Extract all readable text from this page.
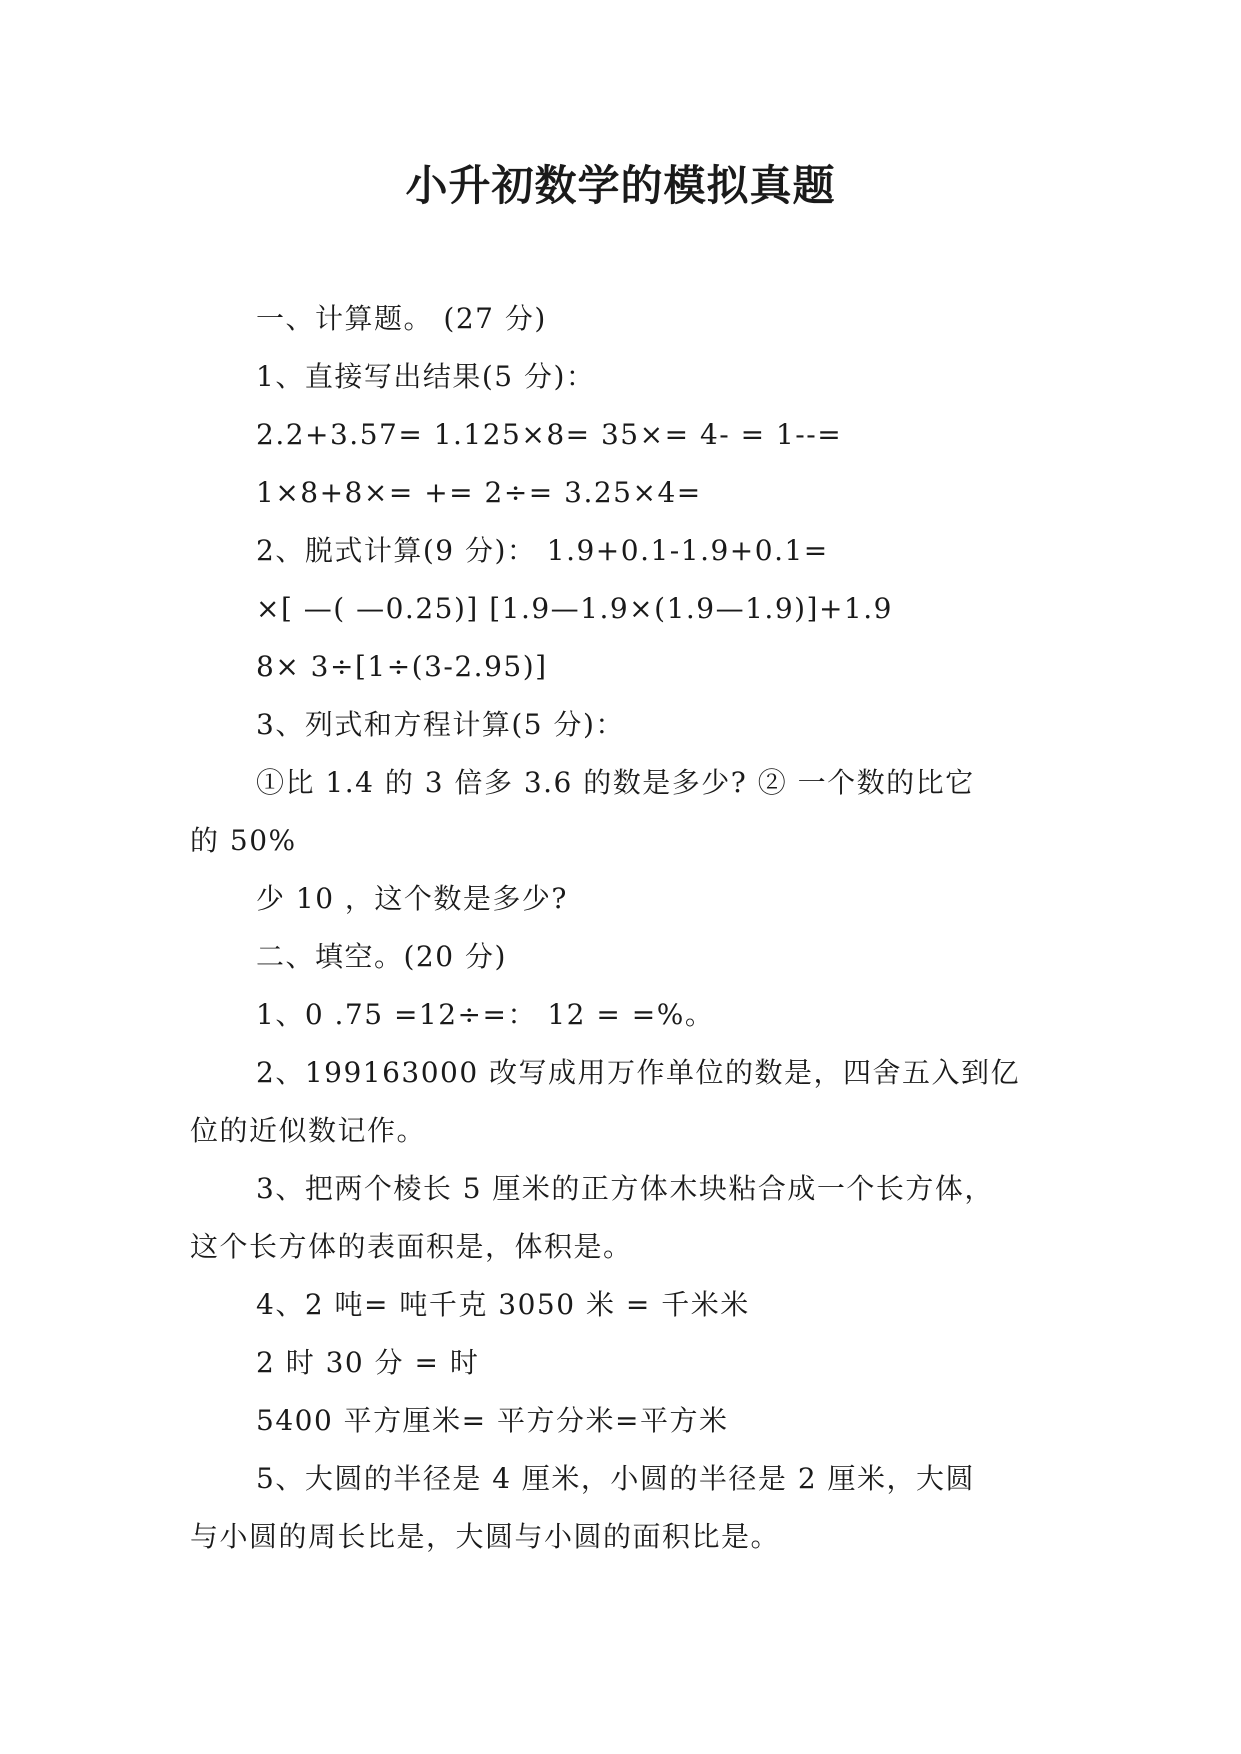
小升初数学的模拟真题
一、计算题。 (27 分)
1、直接写出结果(5 分)：
2.2+3.57= 1.125×8= 35×= 4- = 1--=
1×8+8×= += 2÷= 3.25×4=
2、脱式计算(9 分)： 1.9+0.1-1.9+0.1=
×[ —( —0.25)] [1.9—1.9×(1.9—1.9)]+1.9
8× 3÷[1÷(3-2.95)]
3、列式和方程计算(5 分)：
①比 1.4 的 3 倍多 3.6 的数是多少? ② 一个数的比它
的 50%
少 10 ，这个数是多少?
二、填空。(20 分)
1、0 .75 =12÷=： 12 = =%。
2、199163000 改写成用万作单位的数是，四舍五入到亿
位的近似数记作。
3、把两个棱长 5 厘米的正方体木块粘合成一个长方体，
这个长方体的表面积是，体积是。
4、2 吨= 吨千克 3050 米 = 千米米
2 时 30 分 = 时
5400 平方厘米= 平方分米=平方米
5、大圆的半径是 4 厘米，小圆的半径是 2 厘米，大圆
与小圆的周长比是，大圆与小圆的面积比是。
